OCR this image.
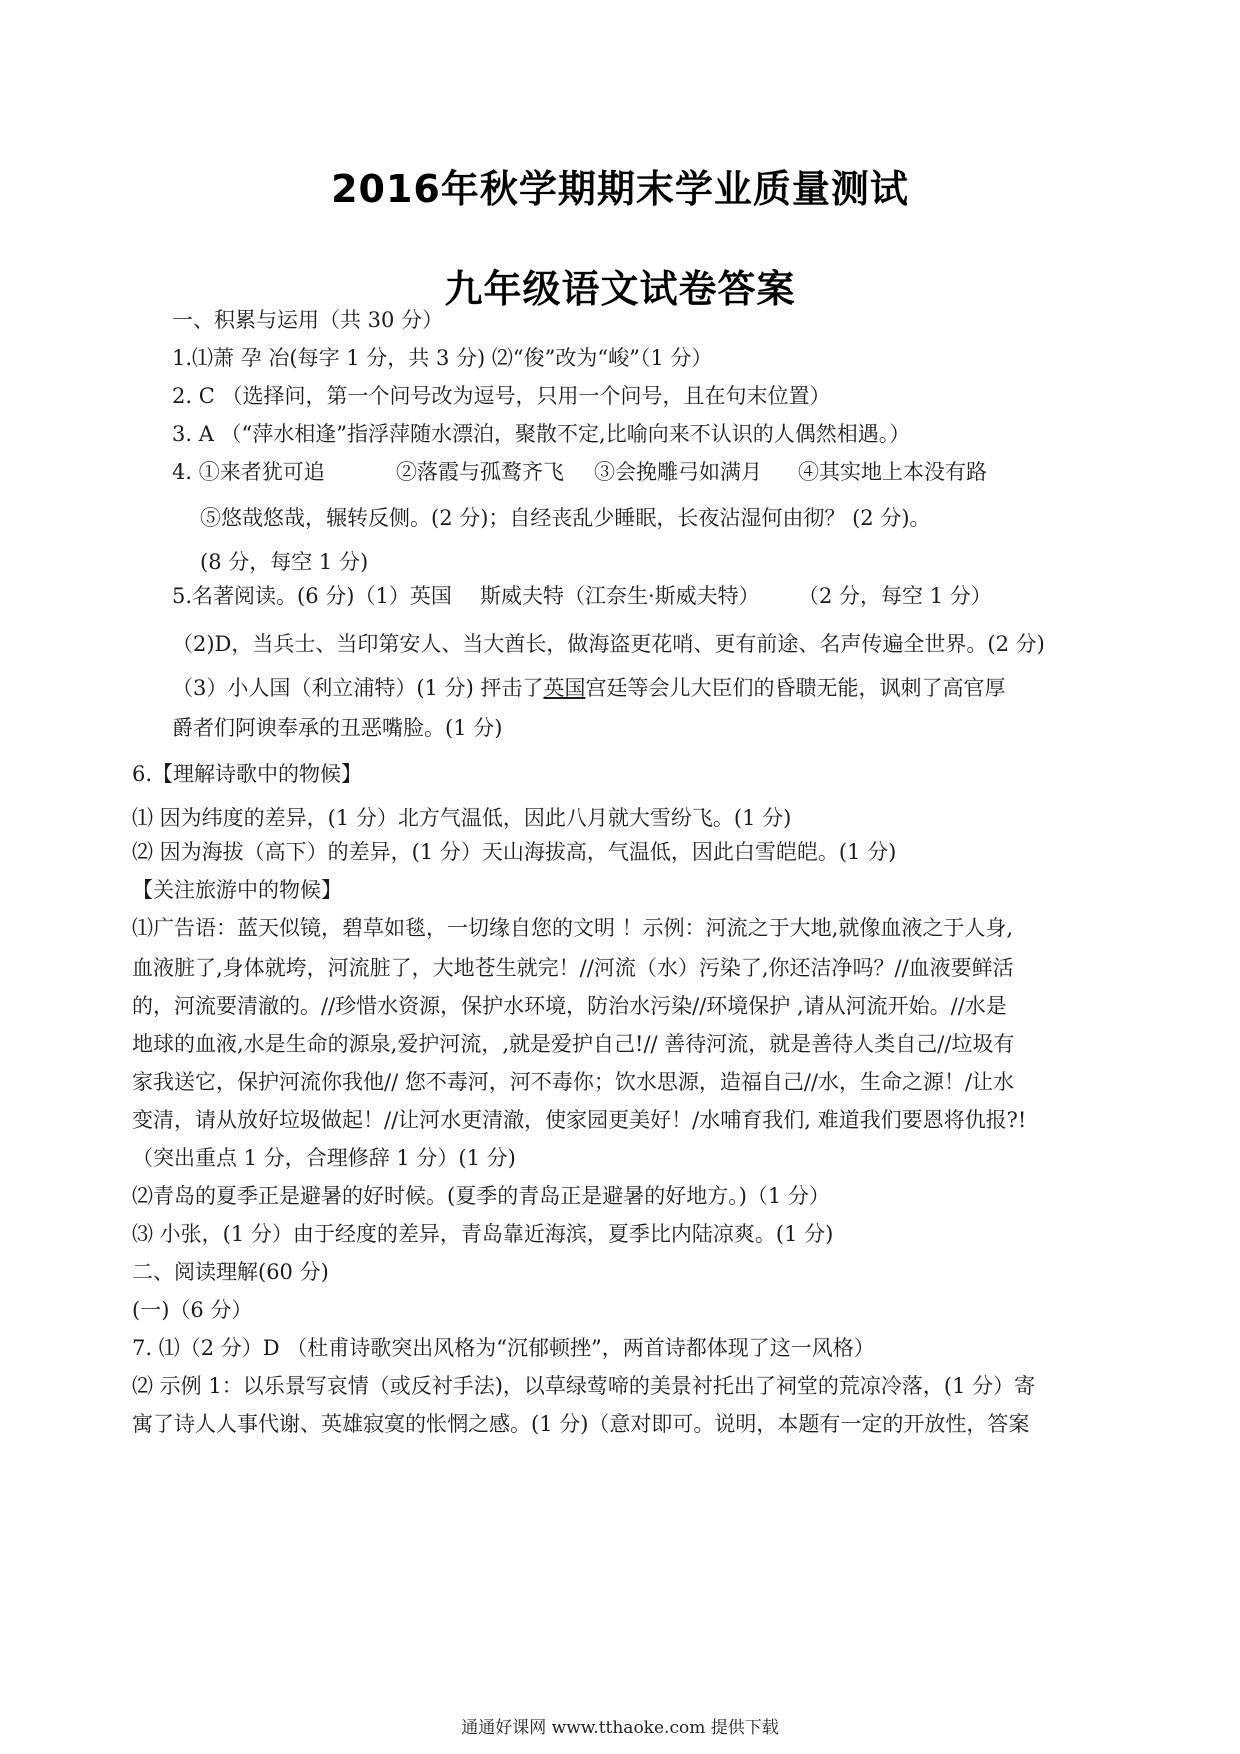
2016年秋学期期末学业质量测试
九年级语文试卷答案
一、积累与运用（共 30 分）
1.⑴萧 孕 冶(每字 1 分，共 3 分) ⑵“俊”改为“峻”（1 分）
2. C （选择问，第一个问号改为逗号，只用一个问号，且在句末位置）
3. A （“萍水相逢”指浮萍随水漂泊，聚散不定,比喻向来不认识的人偶然相遇。）
4. ①来者犹可追	②落霞与孤鹜齐飞 ③会挽雕弓如满月 ④其实地上本没有路
⑤悠哉悠哉，辗转反侧。(2 分)；自经丧乱少睡眠，长夜沾湿何由彻？ (2 分)。
(8 分，每空 1 分)
5.名著阅读。(6 分)（1）英国 斯威夫特（江奈生·斯威夫特） （2 分，每空 1 分）
（2)D，当兵士、当印第安人、当大酋长，做海盗更花哨、更有前途、名声传遍全世界。(2 分)
（3）小人国（利立浦特）(1 分) 抨击了英国宫廷等会儿大臣们的昏聩无能，讽刺了高官厚
爵者们阿谀奉承的丑恶嘴脸。(1 分)
6.【理解诗歌中的物候】
⑴ 因为纬度的差异，(1 分）北方气温低，因此八月就大雪纷飞。(1 分)
⑵ 因为海拔（高下）的差异，(1 分）天山海拔高，气温低，因此白雪皑皑。(1 分)
【关注旅游中的物候】
⑴广告语：蓝天似镜，碧草如毯，一切缘自您的文明 ！示例：河流之于大地,就像血液之于人身,
血液脏了,身体就垮，河流脏了，大地苍生就完！//河流（水）污染了,你还洁净吗？//血液要鲜活
的，河流要清澈的。//珍惜水资源，保护水环境，防治水污染//环境保护 ,请从河流开始。//水是
地球的血液,水是生命的源泉,爱护河流，,就是爱护自己!// 善待河流，就是善待人类自己//垃圾有
家我送它，保护河流你我他// 您不毒河，河不毒你；饮水思源，造福自己//水，生命之源！/让水
变清，请从放好垃圾做起！//让河水更清澈，使家园更美好！/水哺育我们, 难道我们要恩将仇报?!
（突出重点 1 分，合理修辞 1 分）(1 分)
⑵青岛的夏季正是避暑的好时候。(夏季的青岛正是避暑的好地方。)（1 分）
⑶ 小张，(1 分）由于经度的差异，青岛靠近海滨，夏季比内陆凉爽。(1 分)
二、阅读理解(60 分)
(一)（6 分）
7. ⑴（2 分）D （杜甫诗歌突出风格为“沉郁顿挫”，两首诗都体现了这一风格）
⑵ 示例 1：以乐景写哀情（或反衬手法)，以草绿莺啼的美景衬托出了祠堂的荒凉冷落，(1 分）寄
寓了诗人人事代谢、英雄寂寞的怅惘之感。(1 分)（意对即可。说明，本题有一定的开放性，答案
通通好课网 www.tthaoke.com 提供下载
